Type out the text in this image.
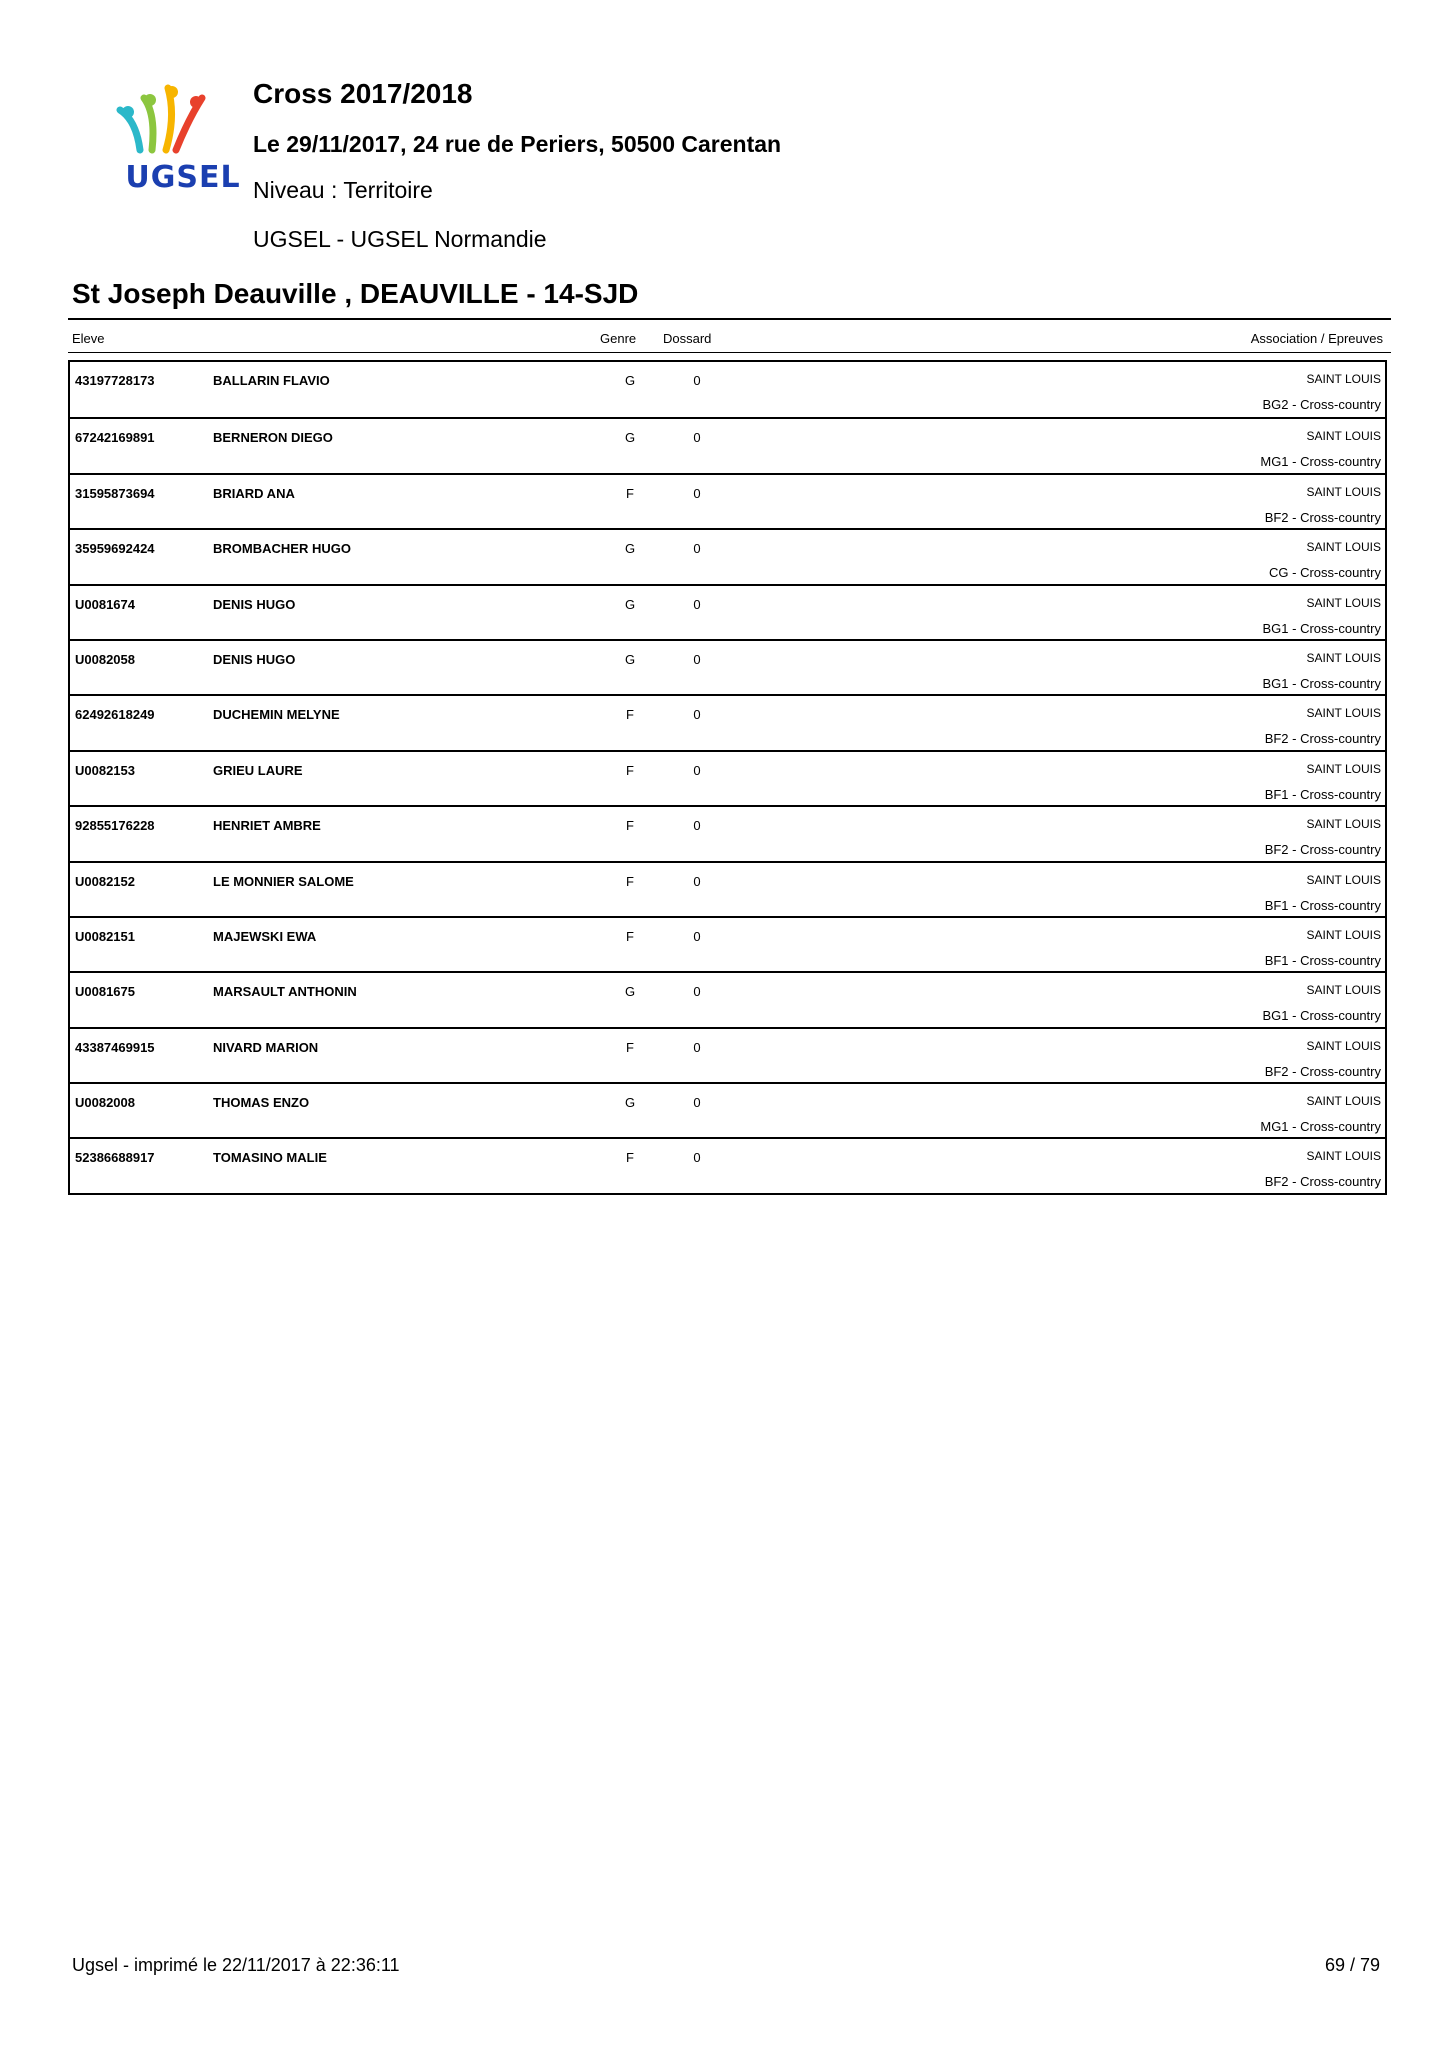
UGSEL
Cross 2017/2018
Le 29/11/2017, 24 rue de Periers, 50500 Carentan
Niveau : Territoire
UGSEL - UGSEL Normandie
St Joseph Deauville , DEAUVILLE - 14-SJD
Eleve	Genre Dossard	Association / Epreuves
43197728173	BALLARIN FLAVIO	G	0	SAINT LOUIS
BG2 - Cross-country
67242169891	BERNERON DIEGO	G	0	SAINT LOUIS
MG1 - Cross-country
31595873694	BRIARD ANA	F	0	SAINT LOUIS
BF2 - Cross-country
35959692424	BROMBACHER HUGO	G	0	SAINT LOUIS
CG - Cross-country
U0081674	DENIS HUGO	G	0	SAINT LOUIS
BG1 - Cross-country
U0082058	DENIS HUGO	G	0	SAINT LOUIS
BG1 - Cross-country
62492618249	DUCHEMIN MELYNE	F	0	SAINT LOUIS
BF2 - Cross-country
U0082153	GRIEU LAURE	F	0	SAINT LOUIS
BF1 - Cross-country
92855176228	HENRIET AMBRE	F	0	SAINT LOUIS
BF2 - Cross-country
U0082152	LE MONNIER SALOME	F	0	SAINT LOUIS
BF1 - Cross-country
U0082151	MAJEWSKI EWA	F	0	SAINT LOUIS
BF1 - Cross-country
U0081675	MARSAULT ANTHONIN	G	0	SAINT LOUIS
BG1 - Cross-country
43387469915	NIVARD MARION	F	0	SAINT LOUIS
BF2 - Cross-country
U0082008	THOMAS ENZO	G	0	SAINT LOUIS
MG1 - Cross-country
52386688917	TOMASINO MALIE	F	0	SAINT LOUIS
BF2 - Cross-country
Ugsel - imprimé le 22/11/2017 à 22:36:11	69 / 79
